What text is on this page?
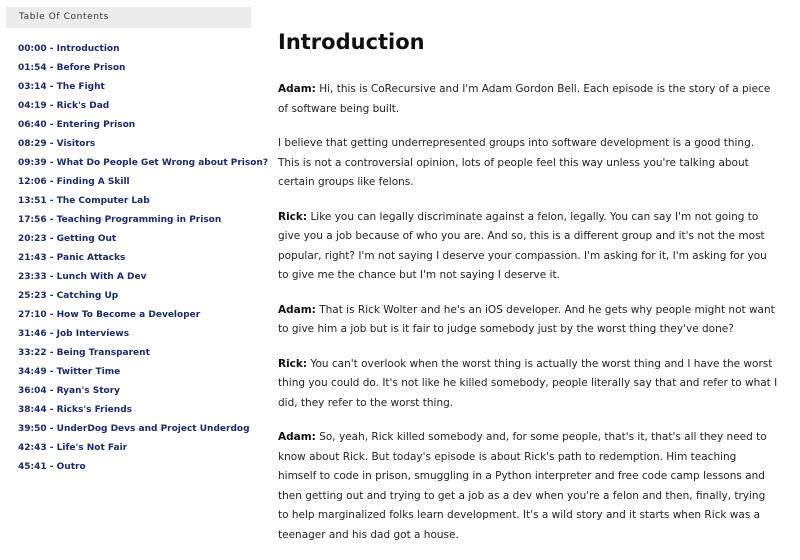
Table Of Contents
00:00 - Introduction
01:54 - Before Prison
03:14 - The Fight
04:19 - Rick's Dad
06:40 - Entering Prison
08:29 - Visitors
09:39 - What Do People Get Wrong about Prison?
12:06 - Finding A Skill
13:51 - The Computer Lab
17:56 - Teaching Programming in Prison
20:23 - Getting Out
21:43 - Panic Attacks
23:33 - Lunch With A Dev
25:23 - Catching Up
27:10 - How To Become a Developer
31:46 - Job Interviews
33:22 - Being Transparent
34:49 - Twitter Time
36:04 - Ryan's Story
38:44 - Ricks's Friends
39:50 - UnderDog Devs and Project Underdog
42:43 - Life's Not Fair
45:41 - Outro
Introduction

Adam: Hi, this is CoRecursive and I'm Adam Gordon Bell. Each episode is the story of a piece of software being built.

I believe that getting underrepresented groups into software development is a good thing. This is not a controversial opinion, lots of people feel this way unless you're talking about certain groups like felons.

Rick: Like you can legally discriminate against a felon, legally. You can say I'm not going to give you a job because of who you are. And so, this is a different group and it's not the most popular, right? I'm not saying I deserve your compassion. I'm asking for it, I'm asking for you to give me the chance but I'm not saying I deserve it.

Adam: That is Rick Wolter and he's an iOS developer. And he gets why people might not want to give him a job but is it fair to judge somebody just by the worst thing they've done?

Rick: You can't overlook when the worst thing is actually the worst thing and I have the worst thing you could do. It's not like he killed somebody, people literally say that and refer to what I did, they refer to the worst thing.

Adam: So, yeah, Rick killed somebody and, for some people, that's it, that's all they need to know about Rick. But today's episode is about Rick's path to redemption. Him teaching himself to code in prison, smuggling in a Python interpreter and free code camp lessons and then getting out and trying to get a job as a dev when you're a felon and then, finally, trying to help marginalized folks learn development. It's a wild story and it starts when Rick was a teenager and his dad got a house.
